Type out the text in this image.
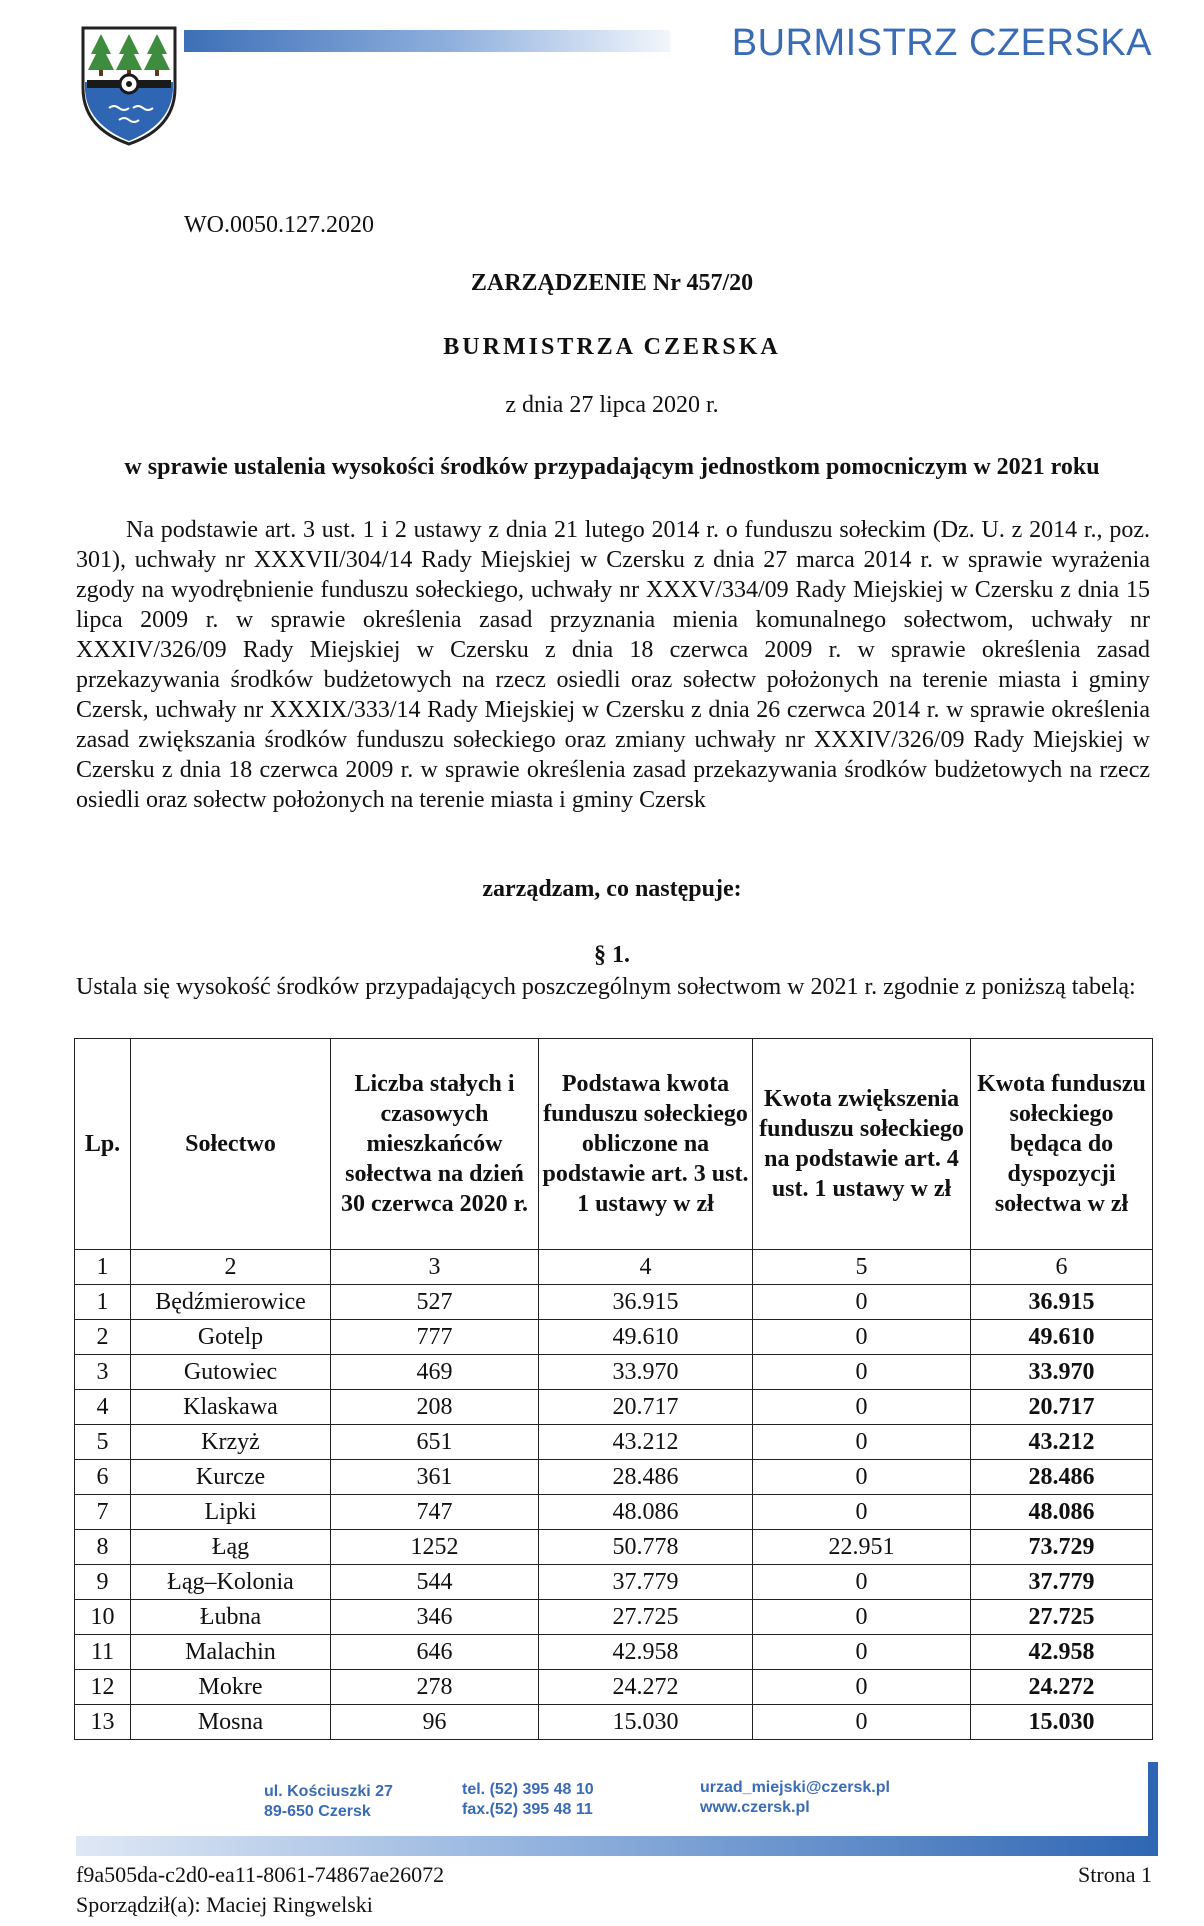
BURMISTRZ CZERSKA
WO.0050.127.2020
ZARZĄDZENIE Nr 457/20
BURMISTRZA CZERSKA
z dnia 27 lipca 2020 r.
w sprawie ustalenia wysokości środków przypadającym jednostkom pomocniczym w 2021 roku

Na podstawie art. 3 ust. 1 i 2 ustawy z dnia 21 lutego 2014 r. o funduszu sołeckim (Dz. U. z 2014 r., poz. 301), uchwały nr XXXVII/304/14 Rady Miejskiej w Czersku z dnia 27 marca 2014 r. w sprawie wyrażenia zgody na wyodrębnienie funduszu sołeckiego, uchwały nr XXXV/334/09 Rady Miejskiej w Czersku z dnia 15 lipca 2009 r. w sprawie określenia zasad przyznania mienia komunalnego sołectwom, uchwały nr XXXIV/326/09 Rady Miejskiej w Czersku z dnia 18 czerwca 2009 r. w sprawie określenia zasad przekazywania środków budżetowych na rzecz osiedli oraz sołectw położonych na terenie miasta i gminy Czersk, uchwały nr XXXIX/333/14 Rady Miejskiej w Czersku z dnia 26 czerwca 2014 r. w sprawie określenia zasad zwiększania środków funduszu sołeckiego oraz zmiany uchwały nr XXXIV/326/09 Rady Miejskiej w Czersku z dnia 18 czerwca 2009 r. w sprawie określenia zasad przekazywania środków budżetowych na rzecz osiedli oraz sołectw położonych na terenie miasta i gminy Czersk

zarządzam, co następuje:
§ 1.

Ustala się wysokość środków przypadających poszczególnym sołectwom w 2021 r. zgodnie z poniższą tabelą:

Lp.	Sołectwo	Liczba stałych i czasowych mieszkańców sołectwa na dzień 30 czerwca 2020 r.	Podstawa kwota funduszu sołeckiego obliczone na podstawie art. 3 ust. 1 ustawy w zł	Kwota zwiększenia funduszu sołeckiego na podstawie art. 4 ust. 1 ustawy w zł	Kwota funduszu sołeckiego będąca do dyspozycji sołectwa w zł
1	2	3	4	5	6
1	Będźmierowice	527	36.915	0	36.915
2	Gotelp	777	49.610	0	49.610
3	Gutowiec	469	33.970	0	33.970
4	Klaskawa	208	20.717	0	20.717
5	Krzyż	651	43.212	0	43.212
6	Kurcze	361	28.486	0	28.486
7	Lipki	747	48.086	0	48.086
8	Łąg	1252	50.778	22.951	73.729
9	Łąg–Kolonia	544	37.779	0	37.779
10	Łubna	346	27.725	0	27.725
11	Malachin	646	42.958	0	42.958
12	Mokre	278	24.272	0	24.272
13	Mosna	96	15.030	0	15.030
ul. Kościuszki 27
89-650 Czersk
tel. (52) 395 48 10
fax.(52) 395 48 11
urzad_miejski@czersk.pl
www.czersk.pl
f9a505da-c2d0-ea11-8061-74867ae26072	Strona 1
Sporządził(a): Maciej Ringwelski
